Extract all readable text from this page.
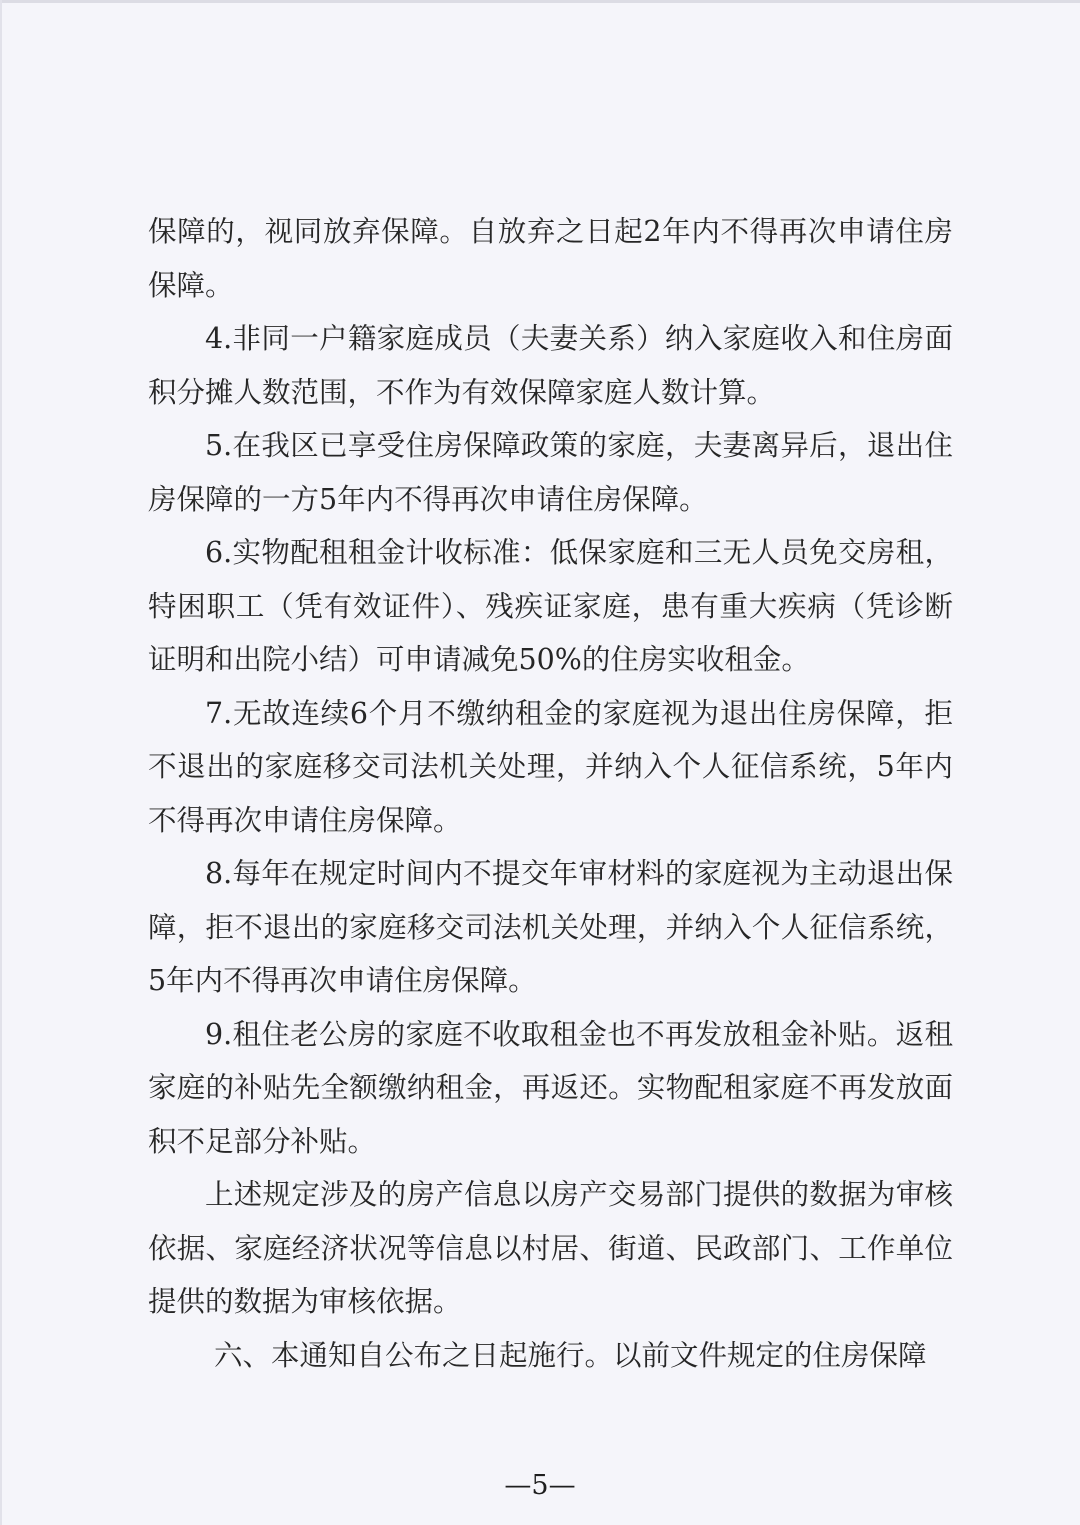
保障的，视同放弃保障。自放弃之日起2年内不得再次申请住房保障。

4.非同一户籍家庭成员（夫妻关系）纳入家庭收入和住房面积分摊人数范围，不作为有效保障家庭人数计算。

5.在我区已享受住房保障政策的家庭，夫妻离异后，退出住房保障的一方5年内不得再次申请住房保障。

6.实物配租租金计收标准：低保家庭和三无人员免交房租，特困职工（凭有效证件）、残疾证家庭，患有重大疾病（凭诊断证明和出院小结）可申请减免50%的住房实收租金。

7.无故连续6个月不缴纳租金的家庭视为退出住房保障，拒不退出的家庭移交司法机关处理，并纳入个人征信系统，5年内不得再次申请住房保障。

8.每年在规定时间内不提交年审材料的家庭视为主动退出保障，拒不退出的家庭移交司法机关处理，并纳入个人征信系统，5年内不得再次申请住房保障。

9.租住老公房的家庭不收取租金也不再发放租金补贴。返租家庭的补贴先全额缴纳租金，再返还。实物配租家庭不再发放面积不足部分补贴。

上述规定涉及的房产信息以房产交易部门提供的数据为审核依据、家庭经济状况等信息以村居、街道、民政部门、工作单位提供的数据为审核依据。

六、本通知自公布之日起施行。以前文件规定的住房保障

—5—
